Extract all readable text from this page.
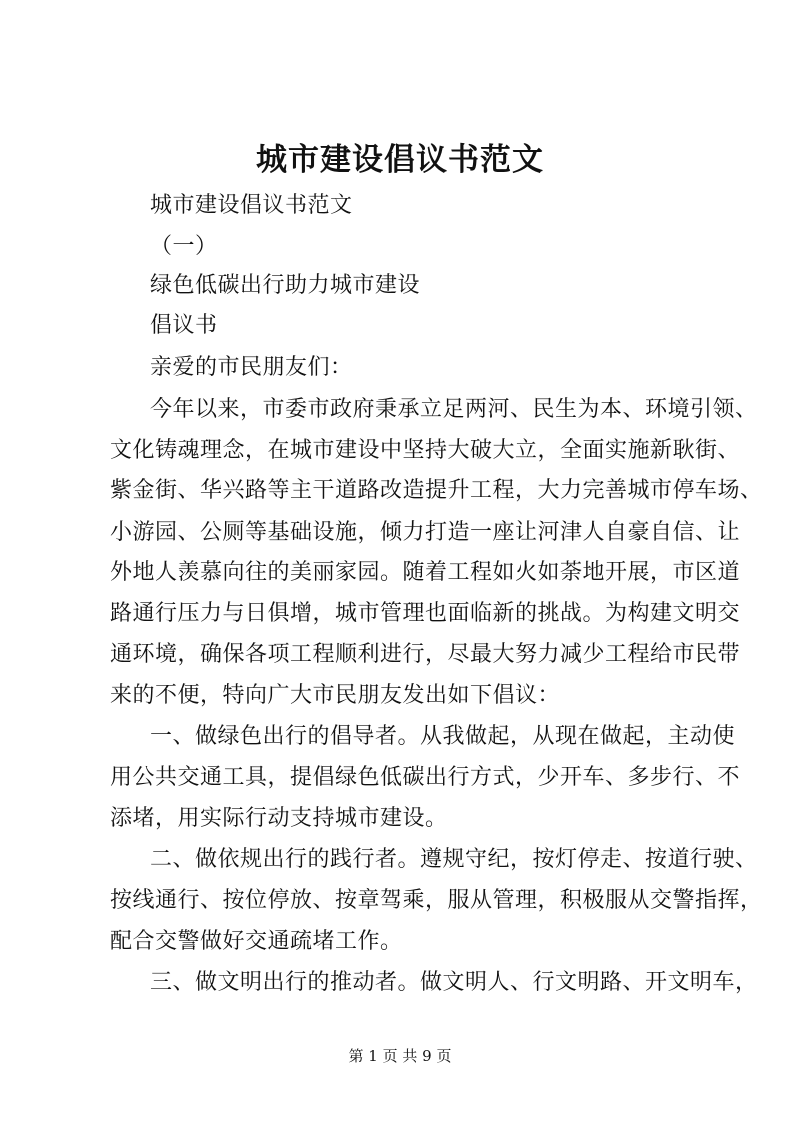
城市建设倡议书范文
城市建设倡议书范文
（一）
绿色低碳出行助力城市建设
倡议书
亲爱的市民朋友们：
今年以来，市委市政府秉承立足两河、民生为本、环境引领、
文化铸魂理念，在城市建设中坚持大破大立，全面实施新耿街、
紫金街、华兴路等主干道路改造提升工程，大力完善城市停车场、
小游园、公厕等基础设施，倾力打造一座让河津人自豪自信、让
外地人羡慕向往的美丽家园。随着工程如火如荼地开展，市区道
路通行压力与日俱增，城市管理也面临新的挑战。为构建文明交
通环境，确保各项工程顺利进行，尽最大努力减少工程给市民带
来的不便，特向广大市民朋友发出如下倡议：
一、做绿色出行的倡导者。从我做起，从现在做起，主动使
用公共交通工具，提倡绿色低碳出行方式，少开车、多步行、不
添堵，用实际行动支持城市建设。
二、做依规出行的践行者。遵规守纪，按灯停走、按道行驶、
按线通行、按位停放、按章驾乘，服从管理，积极服从交警指挥，
配合交警做好交通疏堵工作。
三、做文明出行的推动者。做文明人、行文明路、开文明车，
第 1 页 共 9 页
